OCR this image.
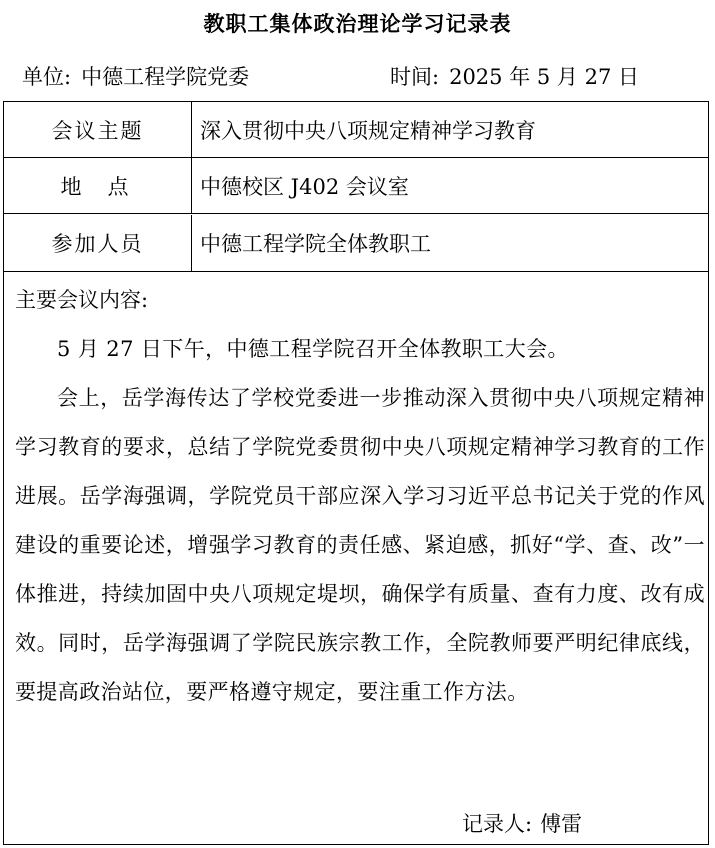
教职工集体政治理论学习记录表
单位: 中德工程学院党委	时间: 2025 年 5 月 27 日
会议主题	深入贯彻中央八项规定精神学习教育
地点	中德校区 J402 会议室
参加人员	中德工程学院全体教职工
主要会议内容:

5 月 27 日下午，中德工程学院召开全体教职工大会。

会上，岳学海传达了学校党委进一步推动深入贯彻中央八项规定精神学习教育的要求，总结了学院党委贯彻中央八项规定精神学习教育的工作进展。岳学海强调，学院党员干部应深入学习习近平总书记关于党的作风建设的重要论述，增强学习教育的责任感、紧迫感，抓好“学、查、改”一体推进，持续加固中央八项规定堤坝，确保学有质量、查有力度、改有成效。同时，岳学海强调了学院民族宗教工作，全院教师要严明纪律底线，要提高政治站位，要严格遵守规定，要注重工作方法。

记录人: 傅雷
